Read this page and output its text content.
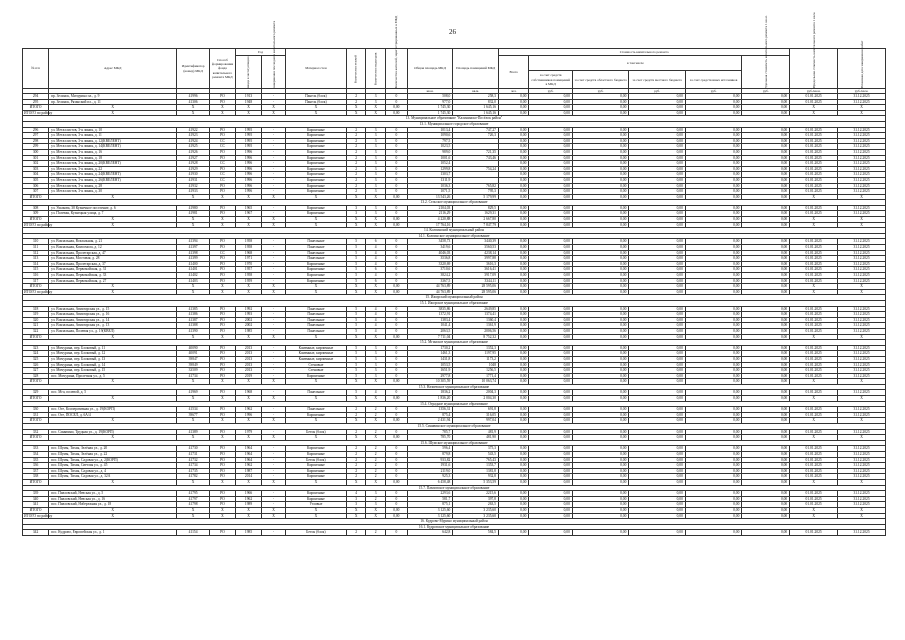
26
№ п/п	Адрес МКД	Идентификатор (номер) МКД	Способ формирования фонда капитального ремонта МКД	Год		Материал стен	Количество этажей	Количество подъездов	Количество жителей, зарегистрированных в МКД	Общая площадь МКД	Площадь помещений МКД	Стоимость капитального ремонта						Предельная стоимость капитального ремонта 1 кв.м.	Плановая дата завершения работ
				ввода в эксплуатацию	завершения последнего капитального ремонта							Всего	в том числе				Удельная стоимость капитального ремонта 1 кв.м.		
													за счет средств собственников помещений в МКД	за счет средств областного бюджета	за счет средств местного бюджета	за счет средств иных источников			
										кв.м.	кв.м.	чел.	руб.	руб.	руб.	руб.	руб.	руб./кв.м.	руб./кв.м.
294	пр. Зелинск, Мичурина пл., д. 9	41996	РО	1913	-	Панель (блок)	2	3	0	508,0	258,3	0,00	0,00	0,00	0,00	0,00	0,00	01.01.2025	31.12.2025
295	пр. Зелинск, Рязанский пл., д. 11	41306	РО	1948	-	Панель (блок)	2	3	0	977,0	832,0	0,00	0,00	0,00	0,00	0,00	0,00	01.01.2025	31.12.2025
ИТОГО	Х	Х	Х	Х	Х	Х	Х	Х	0,00	1 745,30	1 645,16	0,00	0,00	0,00	0,00	0,00	0,00	Х	Х
ИТОГО по району	Х	Х	Х	Х	Х	Х	Х	Х	0,00	1 745,30	1 645,16	0,00	0,00	0,00	0,00	0,00	0,00	Х	Х
13. Муниципальное образование "Калининско-Посёлок район"																			
13.1. Муниципальное городское образование																			
296	ул. Металлистов, 3-я линия, д. 10	41922	РО	1995	-	Кирпичные	2	3	0	1013,4	747,27	0,00	0,00	0,00	0,00	0,00	0,00	01.01.2025	31.12.2025
297	ул. Металлистов, 3-я линия, д. 11	41923	РО	1995	-	Кирпичные	2	3	0	1090,6	726,3	0,00	0,00	0,00	0,00	0,00	0,00	01.01.2025	31.12.2025
298	ул. Металлистов, 3-я линия, д. 12(КВЕЛЕНТ)	41924	СС	1995	-	Кирпичные	2	3	0	797,5		0,00	0,00	0,00	0,00	0,00	0,00	01.01.2025	31.12.2025
299	ул. Металлистов, 3-я линия, д. 14(КВЕЛЕНТ)	41925	СС	1995	-	Кирпичные	2	3	0	1023,5		0,00	0,00	0,00	0,00	0,00	0,00	01.01.2025	31.12.2025
300	ул. Металлистов, 3-я линия, д. 16	41926	РО	1996	-	Кирпичные	2	3	0	989,0	721,35	0,00	0,00	0,00	0,00	0,00	0,00	01.01.2025	31.12.2025
301	ул. Металлистов, 3-я линия, д. 18	41927	РО	1996	-	Кирпичные	2	3	0	1001,6	743,46	0,00	0,00	0,00	0,00	0,00	0,00	01.01.2025	31.12.2025
302	ул. Металлистов, 3-я линия, д. 20(КВЕЛЕНТ)	41928	СС	1996	-	Кирпичные	2	3	0	1052,4		0,00	0,00	0,00	0,00	0,00	0,00	01.01.2025	31.12.2025
303	ул. Металлистов, 3-я линия, д. 22	41929	РО	1996	-	Кирпичные	2	3	0	1299,8	754,24	0,00	0,00	0,00	0,00	0,00	0,00	01.01.2025	31.12.2025
304	ул. Металлистов, 3-я линия, д. 24(КВЕЛЕНТ)	41930	СС	1996	-	Кирпичные	2	3	0	1303,7		0,00	0,00	0,00	0,00	0,00	0,00	01.01.2025	31.12.2025
305	ул. Металлистов, 3-я линия, д. 26(КВЕЛЕНТ)	41931	СС	1996	-	Кирпичные	2	3	0	1311,9		0,00	0,00	0,00	0,00	0,00	0,00	01.01.2025	31.12.2025
306	ул. Металлистов, 3-я линия, д. 28	41932	РО	1996	-	Кирпичные	2	3	0	1036,3	765,82	0,00	0,00	0,00	0,00	0,00	0,00	01.01.2025	31.12.2025
307	ул. Металлистов, 3-я линия, д. 30	41933	РО	1996	-	Кирпичные	2	3	0	1071,5	795,3	0,00	0,00	0,00	0,00	0,00	0,00	01.01.2025	31.12.2025
ИТОГО	Х	Х	Х	Х	Х	Х	Х	Х	0,00	13 543,26	5 179,99	0,00	0,00	0,00	0,00	0,00	0,00	Х	Х
13.2. Сельское муниципальное образование																			
308	ул. Ушакова, 30 Кузнечное поселение, д. 6	41980	РО	1965	-	Кирпичные	3	3	0	2104,03	829,5	0,00	0,00	0,00	0,00	0,00	0,00	01.01.2025	31.12.2025
309	ул. Полевая, Кузнецкая улица, д. 7	41981	РО	1967	-	Кирпичные	3	3	0	2116,29	1629,31	0,00	0,00	0,00	0,00	0,00	0,00	01.01.2025	31.12.2025
ИТОГО	Х	Х	Х	Х	Х	Х	Х	Х	0,00	4 220,88	2 667,80	0,00	0,00	0,00	0,00	0,00	0,00	Х	Х
ИТОГО по району	Х	Х	Х	Х	Х	Х	Х	Х	0,00	17 764,16	7 847,79	0,00	0,00	0,00	0,00	0,00	0,00	Х	Х
14. Колпинский муниципальный район																			
14.1. Колпинское муниципальное образование																			
310	ул. Вокзальная, Вокзальная, д. 21	41394	РО	1958	-	Панельные	5	6	0	3458,73	3440,39	0,00	0,00	0,00	0,00	0,00	0,00	01.01.2025	31.12.2025
311	ул. Вокзальная, Комсомола, д. 12	41397	РО	1958	-	Панельные	5	4	0	3419,6	3560,53	0,00	0,00	0,00	0,00	0,00	0,00	01.01.2025	31.12.2025
312	ул. Вокзальная, Пролетарская, д. 47	41398	СС	1968	-	Панельные	5	4	0	4046,03	4238,14	0,00	0,00	0,00	0,00	0,00	0,00	01.01.2025	31.12.2025
313	ул. Вокзальная, Мостовая, д. 28	41399	РО	1971	-	Панельные	5	4	0	3536,8	3997,88	0,00	0,00	0,00	0,00	0,00	0,00	01.01.2025	31.12.2025
314	ул. Вокзальная, Пролетарская, д. 37	41400	РО	1970	-	Кирпичные	5	4	0	3320,69	3616,3	0,00	0,00	0,00	0,00	0,00	0,00	01.01.2025	31.12.2025
315	ул. Вокзальная, Первомайская, д. 31	41401	РО	1957	-	Кирпичные	5	6	0	3710,6	3616,41	0,00	0,00	0,00	0,00	0,00	0,00	01.01.2025	31.12.2025
316	ул. Вокзальная, Первомайская, д. 33	41402	РО	1958	-	Кирпичные	5	4	0	3824,2	3917,09	0,00	0,00	0,00	0,00	0,00	0,00	01.01.2025	31.12.2025
317	ул. Вокзальная, Первомайская, д. 27	41403	РО	1959	-	Кирпичные	5	6	0	3367,5	3344,11	0,00	0,00	0,00	0,00	0,00	0,00	01.01.2025	31.12.2025
ИТОГО	Х	Х	Х	Х	Х	Х	Х	Х	0,00	44 763,89	28 595,06	0,00	0,00	0,00	0,00	0,00	0,00	Х	Х
ИТОГО по району	Х	Х	Х	Х	Х	Х	Х	Х	0,00	44 763,89	28 595,06	0,00	0,00	0,00	0,00	0,00	0,00	Х	Х
15. Ижорский муниципальный район																			
15.1. Ижорское муниципальное образование																			
318	ул. Вокзальная, Авиаторская ул., д. 15	41385	РО	1992	-	Панельные	5	4	0	3835,86	2649,85	0,00	0,00	0,00	0,00	0,00	0,00	01.01.2025	31.12.2025
319	ул. Вокзальная, Авиаторская ул., д. 16	41386	РО	1993	-	Панельные	5	4	0	1372,91	1374,41	0,00	0,00	0,00	0,00	0,00	0,00	01.01.2025	31.12.2025
320	ул. Вокзальная, Авиаторская ул., д. 14	41387	РО	2002	-	Панельные	5	4	0	1383,4	1360,4	0,00	0,00	0,00	0,00	0,00	0,00	01.01.2025	31.12.2025
321	ул. Вокзальная, Авиаторская ул., д. 13	41388	РО	2002	-	Панельные	5	4	0	1041,4	1361,9	0,00	0,00	0,00	0,00	0,00	0,00	01.01.2025	31.12.2025
322	ул. Вокзальная, Полевая ул., д. 19(КВЕЛ)	41390	РО	1985	-	Панельные	5	4	0	2063,5	2006,56	0,00	0,00	0,00	0,00	0,00	0,00	01.01.2025	31.12.2025
ИТОГО	Х	Х	Х	Х	Х	Х	Х	Х	0,00	7 711,04	8 752,32	0,00	0,00	0,00	0,00	0,00	0,00	Х	Х
15.2. Мгинское муниципальное образование																			
323	ул. Мичурина, пер. Блоковый, д. 11	40090	РО	2013	-	Каменные, кирпичные	5	3	0	1730,2	1352,3	0,00	0,00	0,00	0,00	0,00	0,00	01.01.2025	31.12.2025
324	ул. Мичурина, пер. Блоковый, д. 12	40091	РО	2013	-	Каменные, кирпичные	5	3	0	1461,3	1197,95	0,00	0,00	0,00	0,00	0,00	0,00	01.01.2025	31.12.2025
325	ул. Мичурина, пер. Блоковый, д. 13	39847	РО	2013	-	Каменные, кирпичные	5	3	0	1431,8	1173,2	0,00	0,00	0,00	0,00	0,00	0,00	01.01.2025	31.12.2025
326	ул. Мичурина, пер. Блоковый, д. 14	39849	РО	2013	-	Стеновые	5	3	0	1053,5	1048	0,00	0,00	0,00	0,00	0,00	0,00	01.01.2025	31.12.2025
327	ул. Мичурина, пер. Блоковый, д. 15	33509	РО	2013	-	Стеновые	5	3	0	1651,9	1256,5	0,00	0,00	0,00	0,00	0,00	0,00	01.01.2025	31.12.2025
328	пос. Мичурина, Пролетная ул., д. 5	41734	РО	2019	-	Кирпичные	5	3	0	2977,8	1771,4	0,00	0,00	0,00	0,00	0,00	0,00	01.01.2025	31.12.2025
ИТОГО	Х	Х	Х	Х	Х	Х	Х	Х	0,00	10 305,59	10 063,74	0,00	0,00	0,00	0,00	0,00	0,00	Х	Х
15.3. Назиевское муниципальное образование																			
329	пос. Мга, полевой, д. 5	41969	РО	1968	-	Панельные	5	4	0	1836,2	2004,3	0,00	0,00	0,00	0,00	0,00	0,00	01.01.2025	31.12.2025
ИТОГО	Х	Х	Х	Х	Х	Х	Х	Х	0,00	1 836,20	2 004,30	0,00	0,00	0,00	0,00	0,00	0,00	Х	Х
15.4. Отрадное муниципальное образование																			
330	пос. Оте, Кооперативная ул., д. 19(КОРП)	41534	РО	1962	-	Панельные	2	2	0	1356,31	691,8	0,00	0,00	0,00	0,00	0,00	0,00	01.01.2025	31.12.2025
331	пос. Оте, ПОСЕЛ, д. 6А/4	39677	РО	1996	-	Кирпичные	2	2	0	875,4	316,05	0,00	0,00	0,00	0,00	0,00	0,00	01.01.2025	31.12.2025
ИТОГО	Х	Х	Х	Х	Х	Х	Х	Х	0,00	2 431,94	997,04	0,00	0,00	0,00	0,00	0,00	0,00	Х	Х
15.5. Синявинское муниципальное образование																			
332	пос. Синявино, Трудная ул., д. 19(КОРП)	41389	РО	1979	-	Бетон (блок)	2	2	0	785,7	481,9	0,00	0,00	0,00	0,00	0,00	0,00	01.01.2025	31.12.2025
ИТОГО	Х	Х	Х	Х	Х	Х	Х	Х	0,00	785,70	481,90	0,00	0,00	0,00	0,00	0,00	0,00	Х	Х
15.6. Шумское муниципальное образование																			
333	пос. Шумы, Тихая, Зелёная ул., д. 20	41730	РО	1964	-	Кирпичные	2	2	0	596,4	375,3	0,00	0,00	0,00	0,00	0,00	0,00	01.01.2025	31.12.2025
334	пос. Шумы, Тихая, Зелёная ул., д. 22	41731	РО	1964	-	Кирпичные	2	2	0	879,8	543,5	0,00	0,00	0,00	0,00	0,00	0,00	01.01.2025	31.12.2025
335	пос. Шумы, Тихая, Садовая ул., д. 2(КОРП)	41732	РО	1964	-	Бетон (блок)	2	2	0	933,82	765,43	0,00	0,00	0,00	0,00	0,00	0,00	01.01.2025	31.12.2025
336	пос. Шумы, Тихая, Светлая ул., д. 45	41734	РО	1962	-	Кирпичные	2	2	0	1931,6	1353,7	0,00	0,00	0,00	0,00	0,00	0,00	01.01.2025	31.12.2025
337	пос. Шумы, Тихая, Садовая ул., д. 4	41735	РО	1987	-	Кирпичные	2	2	0	2119,0	1381,8	0,00	0,00	0,00	0,00	0,00	0,00	01.01.2025	31.12.2025
338	пос. Шумы, Тихая, Садовая ул., д. 32А	41782	РО	2014	-	Кирпичные	2	2	0	925,3	932,8	0,00	0,00	0,00	0,00	0,00	0,00	01.01.2025	31.12.2025
ИТОГО	Х	Х	Х	Х	Х	Х	Х	Х	0,00	6 458,48	5 353,59	0,00	0,00	0,00	0,00	0,00	0,00	Х	Х
15.7. Павловское муниципальное образование																			
339	пос. Павловский, Невская ул., д. 5	41795	РО	1966	-	Кирпичные	4	3	0	2293,6	2215,6	0,00	0,00	0,00	0,00	0,00	0,00	01.01.2025	31.12.2025
340	пос. Павловский, Невская ул., д. 16	41797	РО	1962	-	Кирпичные	3	2	0	581,7	397,8	0,00	0,00	0,00	0,00	0,00	0,00	01.01.2025	31.12.2025
341	пос. Павловский, Набережная ул., д. 18	41798	РО	1989	-	Угловые	3	3	0	875,1	263,5	0,00	0,00	0,00	0,00	0,00	0,00	01.01.2025	31.12.2025
ИТОГО	Х	Х	Х	Х	Х	Х	Х	Х	0,00	3 125,60	3 235,60	0,00	0,00	0,00	0,00	0,00	0,00	Х	Х
ИТОГО по району	Х	Х	Х	Х	Х	Х	Х	Х	0,00	3 125,60	3 235,60	0,00	0,00	0,00	0,00	0,00	0,00	Х	Х
16. Кудрово-Мурино муниципальный район																			
16.1. Кудровское муниципальное образование																			
342	пос. Кудрово, Европейская ул., д. 1	41154	РО	1985	-	Бетон (блок)	2	2	0	642,8	584,5	0,00	0,00	0,00	0,00	0,00	0,00	01.01.2025	31.12.2025
